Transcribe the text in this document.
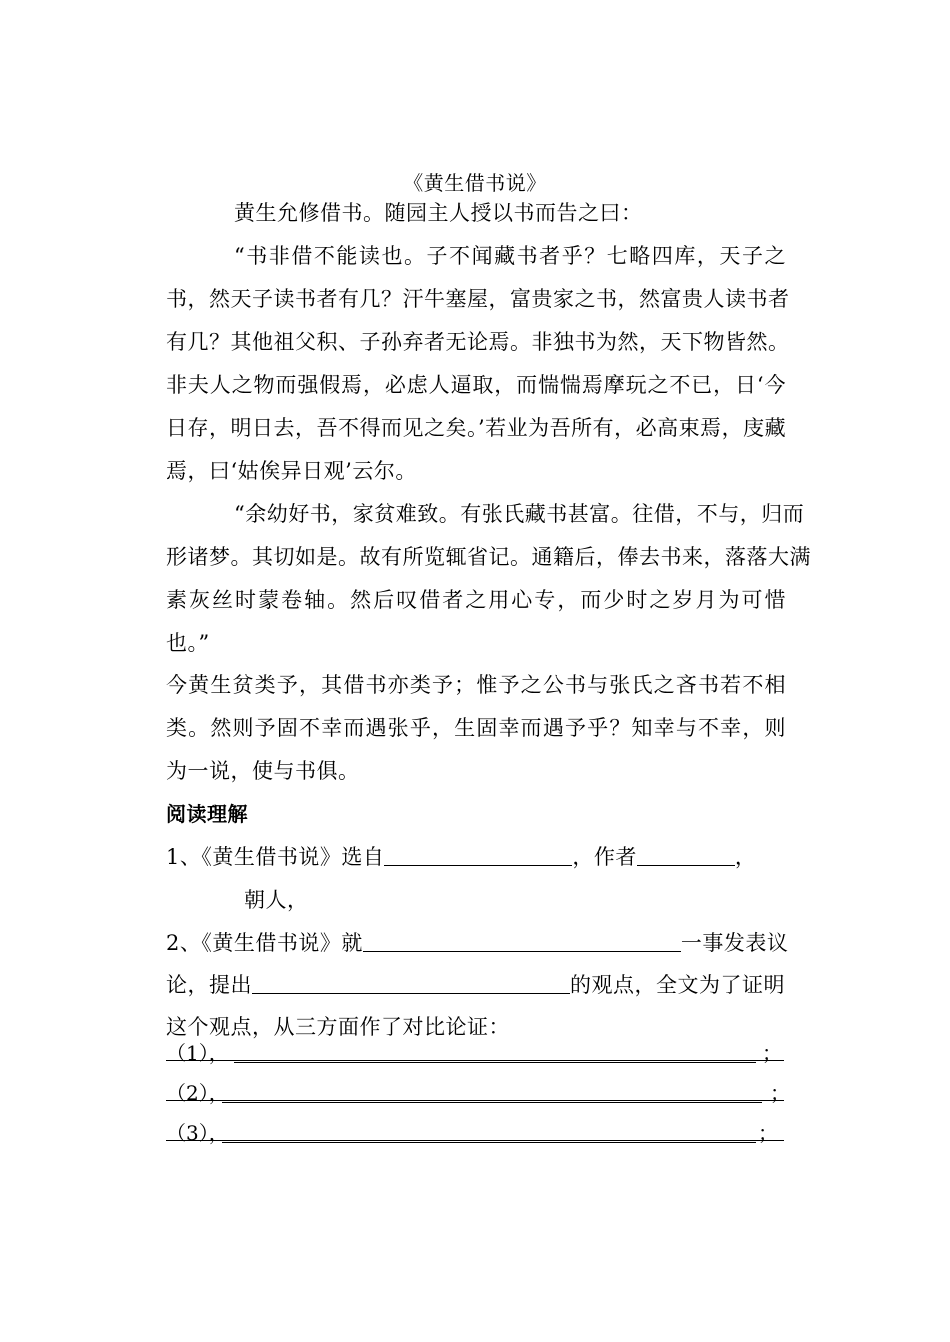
《黄生借书说》
黄生允修借书。随园主人授以书而告之曰：
“书非借不能读也。子不闻藏书者乎？七略四库，天子之
书，然天子读书者有几？汗牛塞屋，富贵家之书，然富贵人读书者
有几？其他祖父积、子孙弃者无论焉。非独书为然，天下物皆然。
非夫人之物而强假焉，必虑人逼取，而惴惴焉摩玩之不已，日‘今
日存，明日去，吾不得而见之矣。’若业为吾所有，必高束焉，庋藏
焉，曰‘姑俟异日观’云尔。
“余幼好书，家贫难致。有张氏藏书甚富。往借，不与，归而
形诸梦。其切如是。故有所览辄省记。通籍后，俸去书来，落落大满
素灰丝时蒙卷轴。然后叹借者之用心专，而少时之岁月为可惜
也。”
今黄生贫类予，其借书亦类予；惟予之公书与张氏之吝书若不相
类。然则予固不幸而遇张乎，生固幸而遇予乎？知幸与不幸，则
为一说，使与书俱。
阅读理解
1、《黄生借书说》选自	，作者	，
朝人，
2、《黄生借书说》就	一事发表议
论，提出	的观点，全文为了证明
这个观点，从三方面作了对比论证：
（1），	；
（2），	；
（3），	；
